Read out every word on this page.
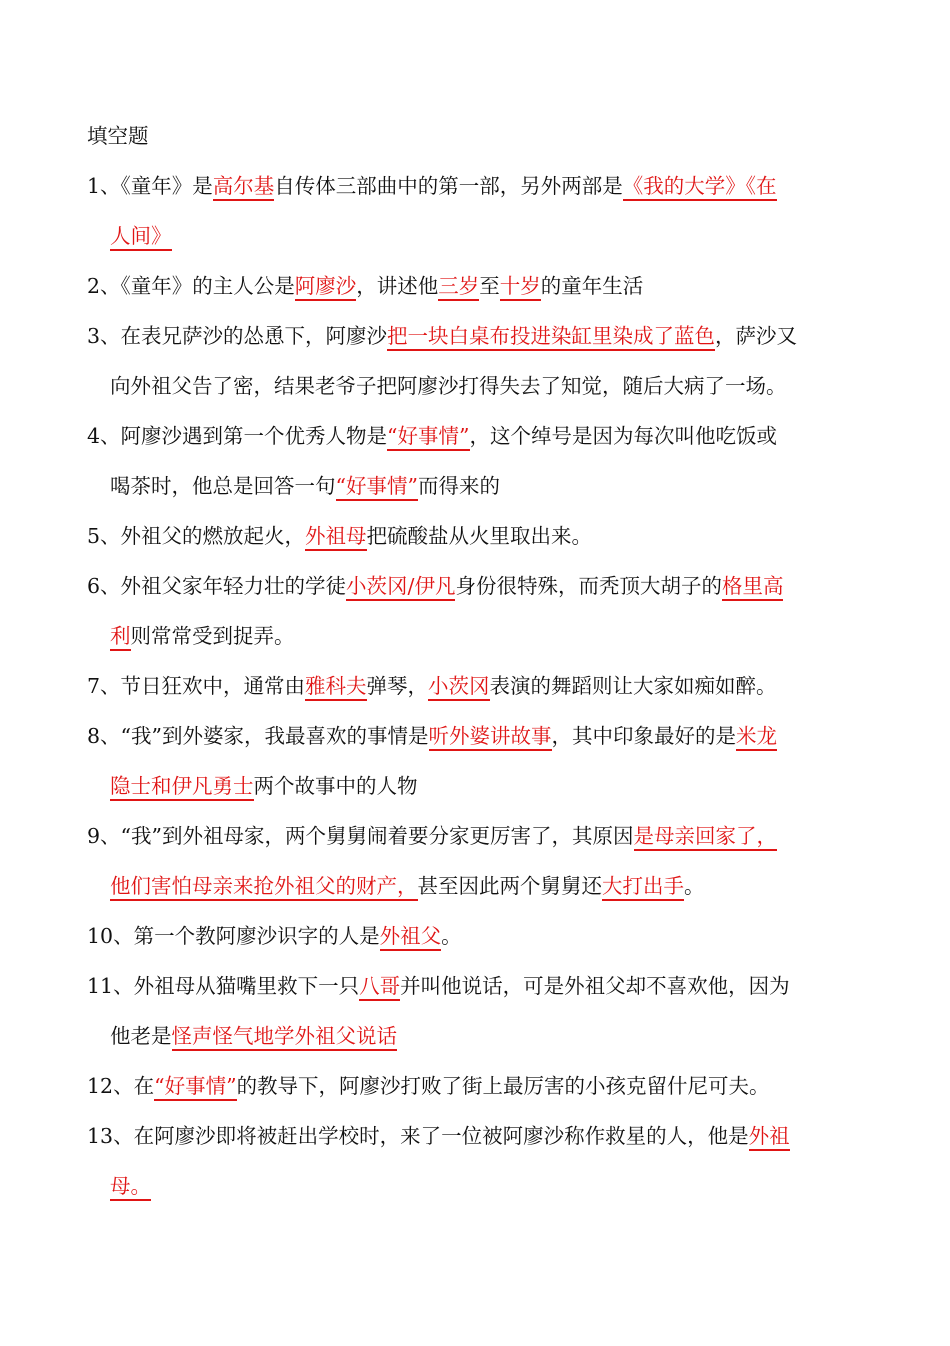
填空题
1、《童年》是高尔基自传体三部曲中的第一部，另外两部是《我的大学》《在
人间》
2、《童年》的主人公是阿廖沙，讲述他三岁至十岁的童年生活
3、在表兄萨沙的怂恿下，阿廖沙把一块白桌布投进染缸里染成了蓝色，萨沙又
向外祖父告了密，结果老爷子把阿廖沙打得失去了知觉，随后大病了一场。
4、阿廖沙遇到第一个优秀人物是“好事情”，这个绰号是因为每次叫他吃饭或
喝茶时，他总是回答一句“好事情”而得来的
5、外祖父的燃放起火，外祖母把硫酸盐从火里取出来。
6、外祖父家年轻力壮的学徒小茨冈/伊凡身份很特殊，而秃顶大胡子的格里高
利则常常受到捉弄。
7、节日狂欢中，通常由雅科夫弹琴，小茨冈表演的舞蹈则让大家如痴如醉。
8、“我”到外婆家，我最喜欢的事情是听外婆讲故事，其中印象最好的是米龙
隐士和伊凡勇士两个故事中的人物
9、“我”到外祖母家，两个舅舅闹着要分家更厉害了，其原因是母亲回家了，
他们害怕母亲来抢外祖父的财产，甚至因此两个舅舅还大打出手。
10、第一个教阿廖沙识字的人是外祖父。
11、外祖母从猫嘴里救下一只八哥并叫他说话，可是外祖父却不喜欢他，因为
他老是怪声怪气地学外祖父说话
12、在“好事情”的教导下，阿廖沙打败了街上最厉害的小孩克留什尼可夫。
13、在阿廖沙即将被赶出学校时，来了一位被阿廖沙称作救星的人，他是外祖
母。
